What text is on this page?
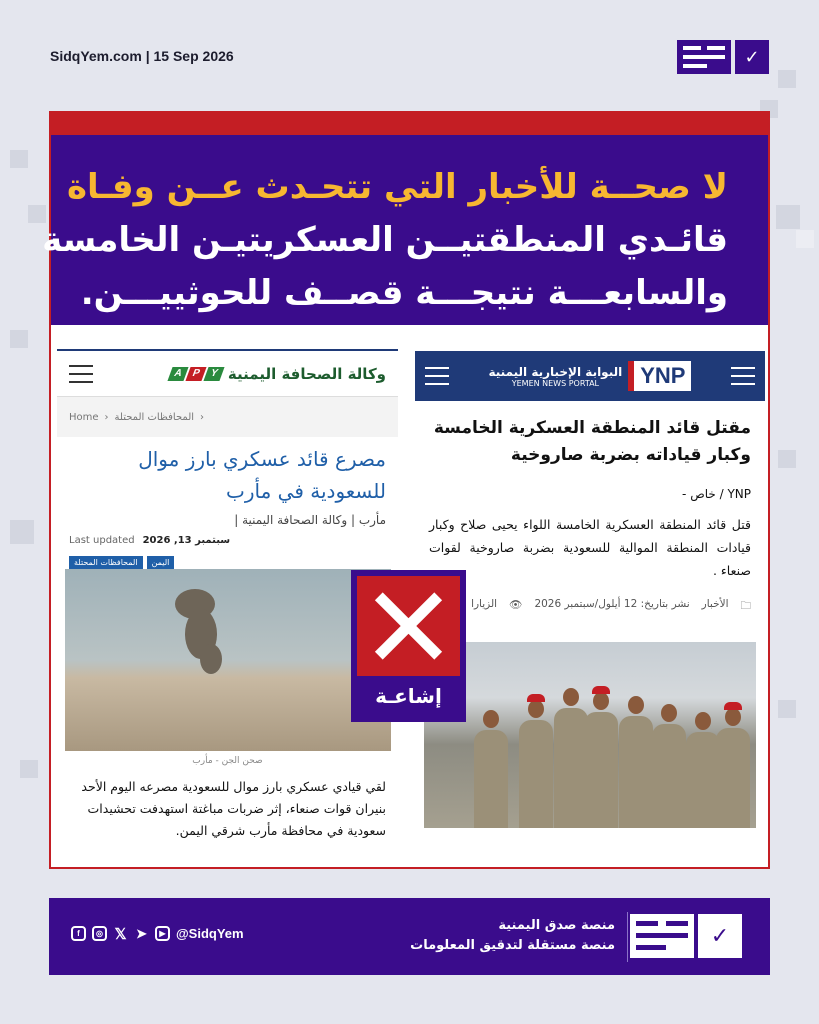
SidqYem.com | 15 Sep 2026	✓
لا صحــة للأخبار التي تتحـدث عــن وفـاة
قائـدي المنطقتيــن العسكريتيـن الخامسة
والسابعـــة نتيجـــة قصــف للحوثييـــن.
البوابة الإخبارية اليمنية
YEMEN NEWS PORTAL	YNP
مقتل قائد المنطقة العسكرية الخامسة وكبار قياداته بضربة صاروخية
YNP / خاص -
قتل قائد المنطقة العسكرية الخامسة اللواء يحيى صلاح وكبار قيادات المنطقة الموالية للسعودية بضربة صاروخية لقوات صنعاء .
🗀
الأخبار
نشر بتاريخ: 12 أيلول/سبتمبر 2026
👁
الزيارا
وكالة الصحافة اليمنية
Y
P
A
Home › المحافظات المحتلة ›
مصرع قائد عسكري بارز موال للسعودية في مأرب
مأرب | وكالة الصحافة اليمنية |
Last updated سبتمبر 13, 2026
المحافظات المحتلة	اليمن
صحن الجن - مأرب
لقي قيادي عسكري بارز موال للسعودية مصرعه اليوم الأحد بنيران قوات صنعاء، إثر ضربات مباغتة استهدفت تحشيدات سعودية في محافظة مأرب شرقي اليمن.
إشاعـة
f	◎ 𝕏 ➤	▶ @SidqYem
منصة صدق اليمنية
منصة مستقلة لتدقيق المعلومات	✓
